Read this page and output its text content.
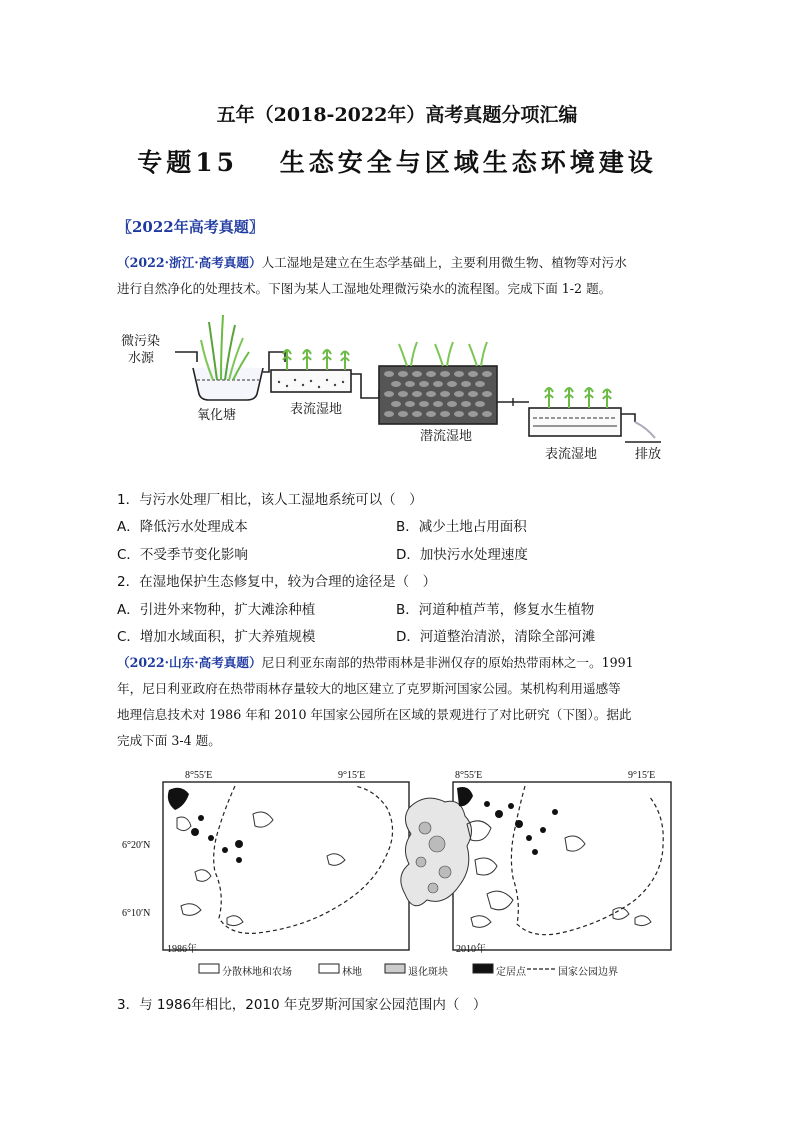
五年（2018-2022年）高考真题分项汇编
专题15　 生态安全与区域生态环境建设
〖2022年高考真题〗
（2022·浙江·高考真题）人工湿地是建立在生态学基础上，主要利用微生物、植物等对污水
进行自然净化的处理技术。下图为某人工湿地处理微污染水的流程图。完成下面 1-2 题。
微污染
水源
氧化塘	表流湿地
潜流湿地
表流湿地	排放
1．与污水处理厂相比，该人工湿地系统可以（　）
A．降低污水处理成本	B．减少土地占用面积
C．不受季节变化影响	D．加快污水处理速度
2．在湿地保护生态修复中，较为合理的途径是（　）
A．引进外来物种，扩大滩涂种植	B．河道种植芦苇，修复水生植物
C．增加水域面积，扩大养殖规模	D．河道整治清淤，清除全部河滩
（2022·山东·高考真题）尼日利亚东南部的热带雨林是非洲仅存的原始热带雨林之一。1991
年，尼日利亚政府在热带雨林存量较大的地区建立了克罗斯河国家公园。某机构利用遥感等
地理信息技术对 1986 年和 2010 年国家公园所在区域的景观进行了对比研究（下图）。据此
完成下面 3-4 题。
8°55′E	9°15′E	8°55′E	9°15′E
6°20′N
6°10′N
1986年	2010年
分散林地和农场	林地	退化斑块	定居点	国家公园边界
3．与 1986年相比，2010 年克罗斯河国家公园范围内（　）
